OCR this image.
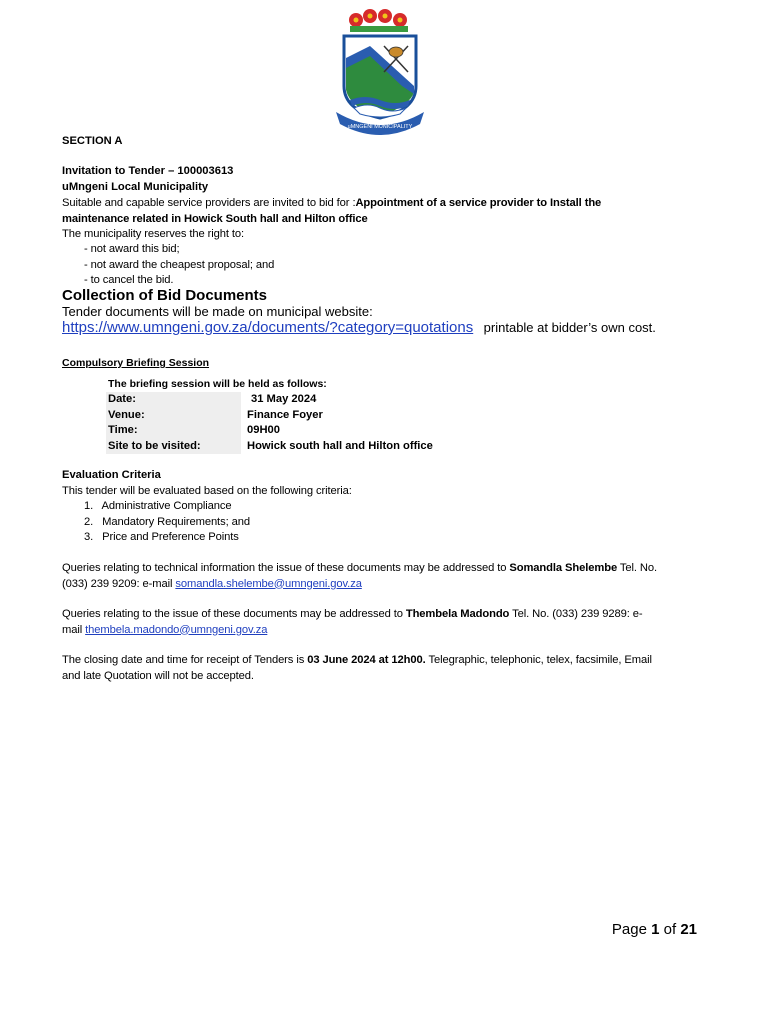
uMNGENI MUNICIPALITY
SECTION A
Invitation to Tender – 100003613
uMngeni Local Municipality
Suitable and capable service providers are invited to bid for :Appointment of a service provider to Install the maintenance related in Howick South hall and Hilton office
The municipality reserves the right to:
- not award this bid;
- not award the cheapest proposal; and
- to cancel the bid.
Collection of Bid Documents
Tender documents will be made on municipal website:
https://www.umngeni.gov.za/documents/?category=quotations printable at bidder’s own cost.
Compulsory Briefing Session
The briefing session will be held as follows:
Date:	31 May 2024
Venue:	Finance Foyer
Time:	09H00
Site to be visited:	Howick south hall and Hilton office
Evaluation Criteria
This tender will be evaluated based on the following criteria:
1.   Administrative Compliance
2.   Mandatory Requirements; and
3.   Price and Preference Points
Queries relating to technical information the issue of these documents may be addressed to Somandla Shelembe Tel. No.
(033) 239 9209: e-mail somandla.shelembe@umngeni.gov.za
Queries relating to the issue of these documents may be addressed to Thembela Madondo Tel. No. (033) 239 9289: e-
mail thembela.madondo@umngeni.gov.za
The closing date and time for receipt of Tenders is 03 June 2024 at 12h00. Telegraphic, telephonic, telex, facsimile, Email
and late Quotation will not be accepted.
Page 1 of 21
